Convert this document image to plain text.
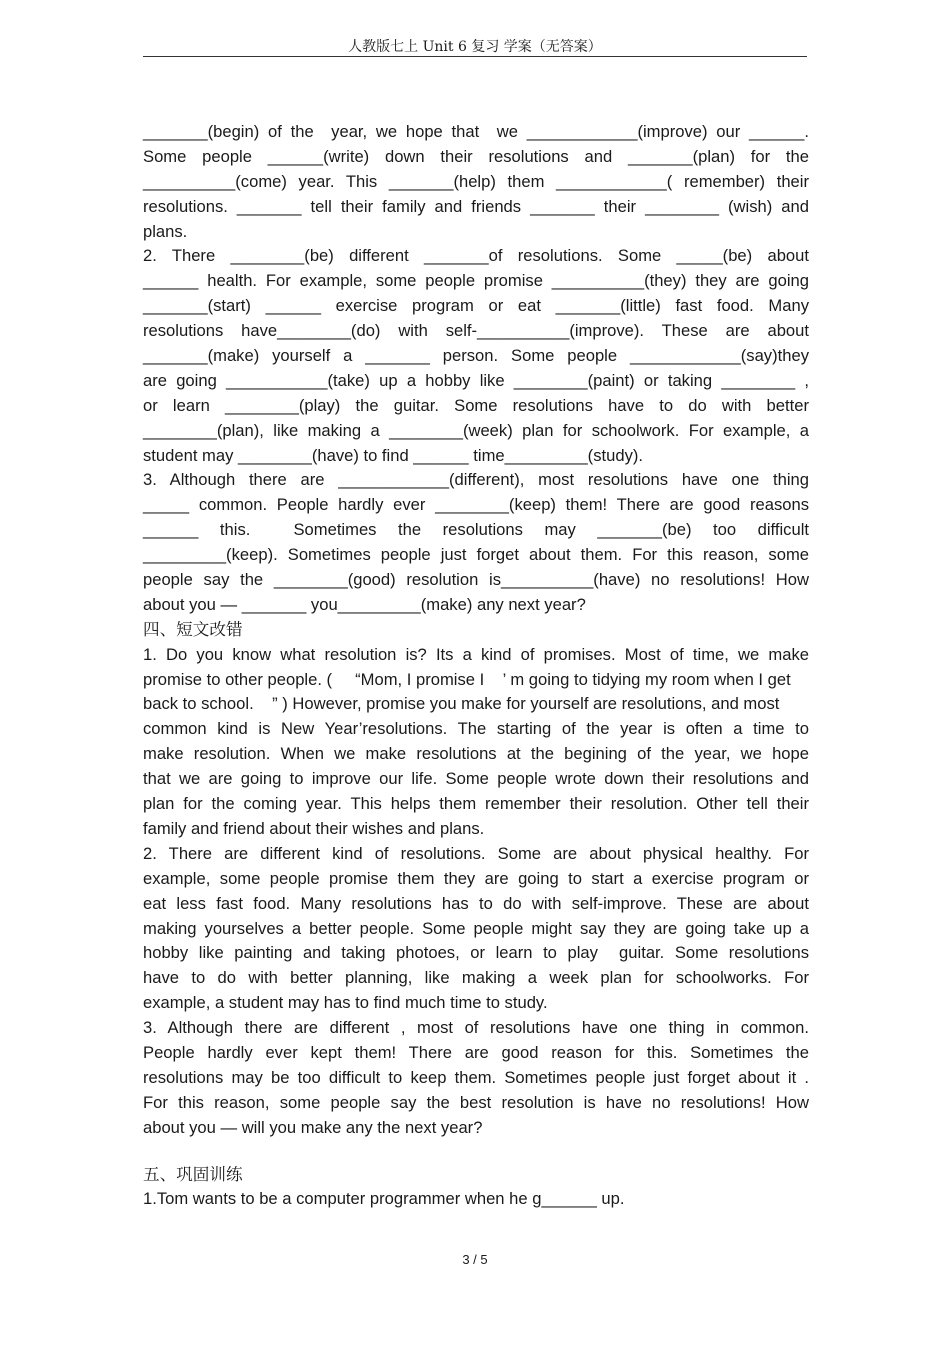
人教版七上 Unit 6 复习 学案（无答案）
_______(begin) of the  year, we hope that  we ____________(improve) our ______.
Some people ______(write) down their resolutions and _______(plan) for the
__________(come) year. This _______(help) them ____________( remember) their
resolutions. _______ tell their family and friends _______ their ________ (wish) and
plans.
2. There ________(be) different _______of resolutions. Some _____(be) about
______ health. For example, some people promise __________(they) they are going
_______(start) ______ exercise program or eat _______(little) fast food. Many
resolutions have________(do) with self-__________(improve). These are about
_______(make) yourself a _______ person. Some people ____________(say)they
are going ___________(take) up a hobby like ________(paint) or taking ________ ,
or learn ________(play) the guitar. Some resolutions have to do with better
________(plan), like making a ________(week) plan for schoolwork. For example, a
student may ________(have) to find ______ time_________(study).
3. Although there are ____________(different), most resolutions have one thing
_____ common. People hardly ever ________(keep) them! There are good reasons
______ this.  Sometimes the resolutions may _______(be) too difficult
_________(keep). Sometimes people just forget about them. For this reason, some
people say the ________(good) resolution is__________(have) no resolutions! How
about you — _______ you_________(make) any next year?
四、短文改错
1. Do you know what resolution is? Its a kind of promises. Most of time, we make
promise to other people. (     “Mom, I promise I    ’ m going to tidying my room when I get
back to school.    ” ) However, promise you make for yourself are resolutions, and most
common kind is New Year’resolutions. The starting of the year is often a time to
make resolution. When we make resolutions at the begining of the year, we hope
that we are going to improve our life. Some people wrote down their resolutions and
plan for the coming year. This helps them remember their resolution. Other tell their
family and friend about their wishes and plans.
2. There are different kind of resolutions. Some are about physical healthy. For
example, some people promise them they are going to start a exercise program or
eat less fast food. Many resolutions has to do with self-improve. These are about
making yourselves a better people. Some people might say they are going take up a
hobby like painting and taking photoes, or learn to play  guitar. Some resolutions
have to do with better planning, like making a week plan for schoolworks. For
example, a student may has to find much time to study.
3. Although there are different , most of resolutions have one thing in common.
People hardly ever kept them! There are good reason for this. Sometimes the
resolutions may be too difficult to keep them. Sometimes people just forget about it .
For this reason, some people say the best resolution is have no resolutions! How
about you — will you make any the next year?
五、巩固训练
1.Tom wants to be a computer programmer when he g______ up.
3 / 5
